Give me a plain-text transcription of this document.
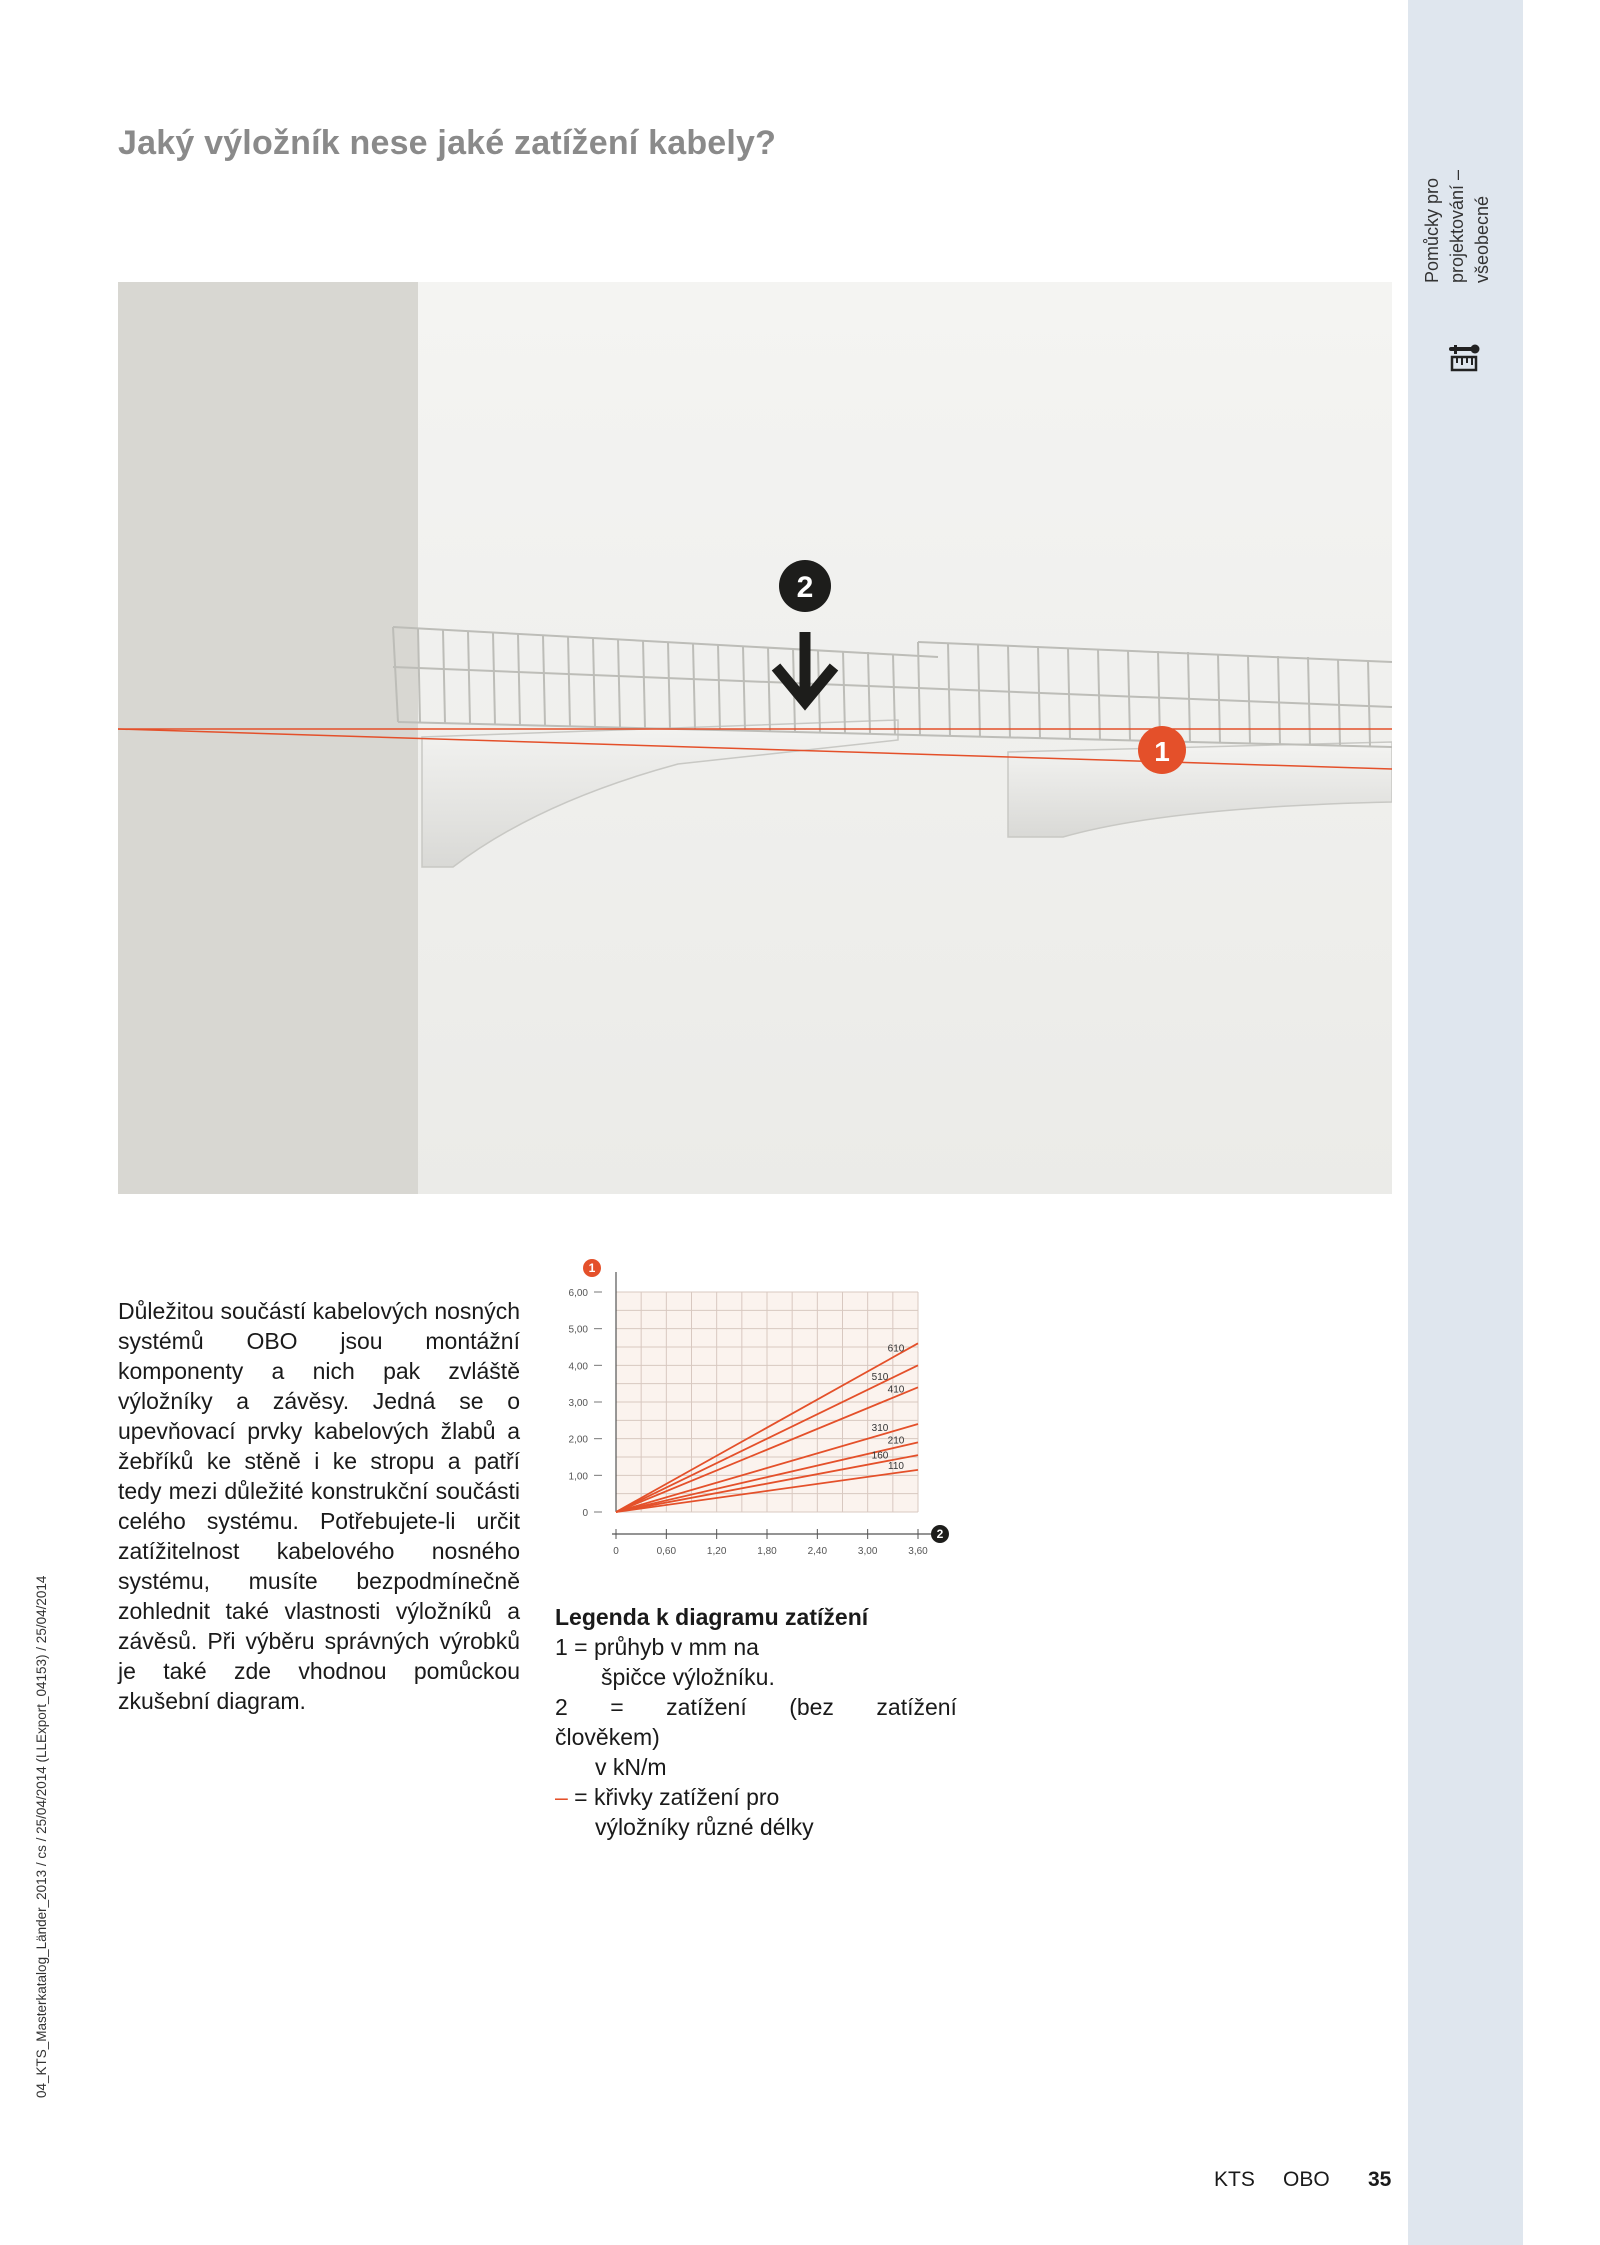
Pomůcky pro projektování – všeobecné
04_KTS_Masterkatalog_Länder_2013 / cs / 25/04/2014 (LLExport_04153) / 25/04/2014
Jaký výložník nese jaké zatížení kabely?
2
1

Důležitou součástí kabelových nosných systémů OBO jsou montážní komponenty a nich pak zvláště výložníky a závěsy. Jedná se o upevňovací prvky kabelových žlabů a žebříků ke stěně i ke stropu a patří tedy mezi důležité konstrukční součásti celého systému. Potřebujete-li určit zatížitelnost kabelového nosného systému, musíte bezpodmínečně zohlednit také vlastnosti výložníků a závěsů. Při výběru správných výrobků je také zde vhodnou pomůckou zkušební diagram.

6,00
5,00
4,00
3,00
2,00
1,00
0
0	0,60	1,20	1,80	2,40	3,00	3,60
1
2
610
510
410
310
210
160
110
Legenda k diagramu zatížení
1 = průhyb v mm na
špičce výložníku.
2 = zatížení (bez zatížení
člověkem)
v kN/m
– = křivky zatížení pro
výložníky různé délky
KTS OBO 35
